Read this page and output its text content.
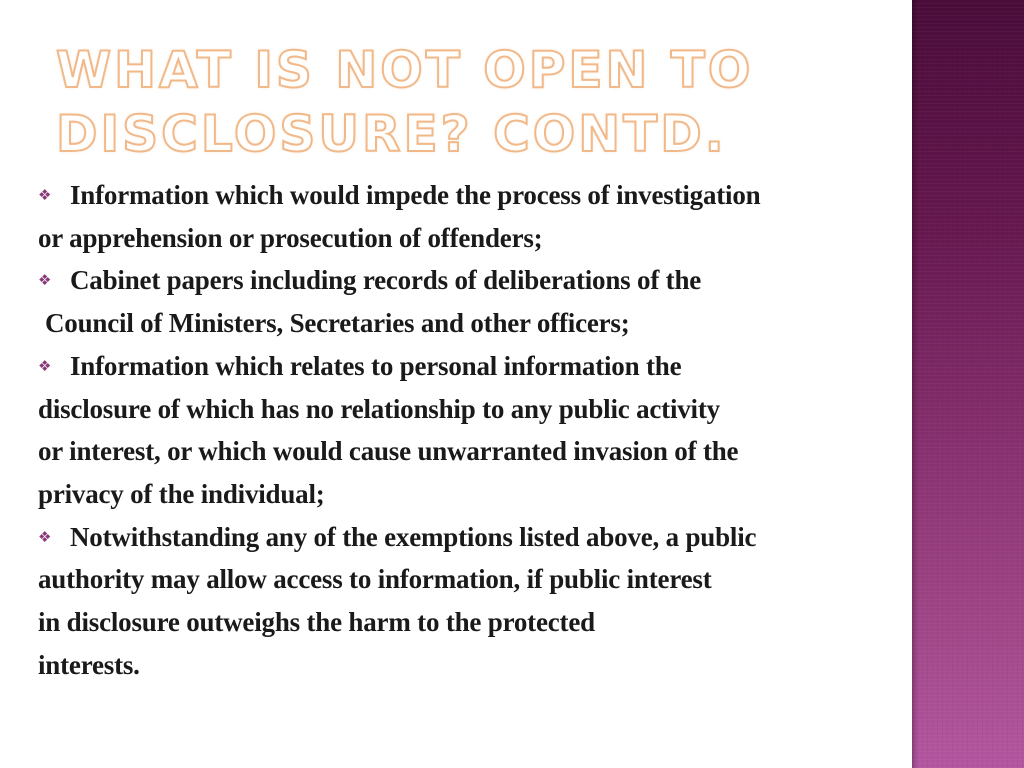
WHAT IS NOT OPEN TO
DISCLOSURE? CONTD.
❖ Information which would impede the process of investigation
or apprehension or prosecution of offenders;
❖ Cabinet papers including records of deliberations of the
Council of Ministers, Secretaries and other officers;
❖ Information which relates to personal information the
disclosure of which has no relationship to any public activity
or interest, or which would cause unwarranted invasion of the
privacy of the individual;
❖ Notwithstanding any of the exemptions listed above, a public
authority may allow access to information, if public interest
in disclosure outweighs the harm to the protected
interests.
